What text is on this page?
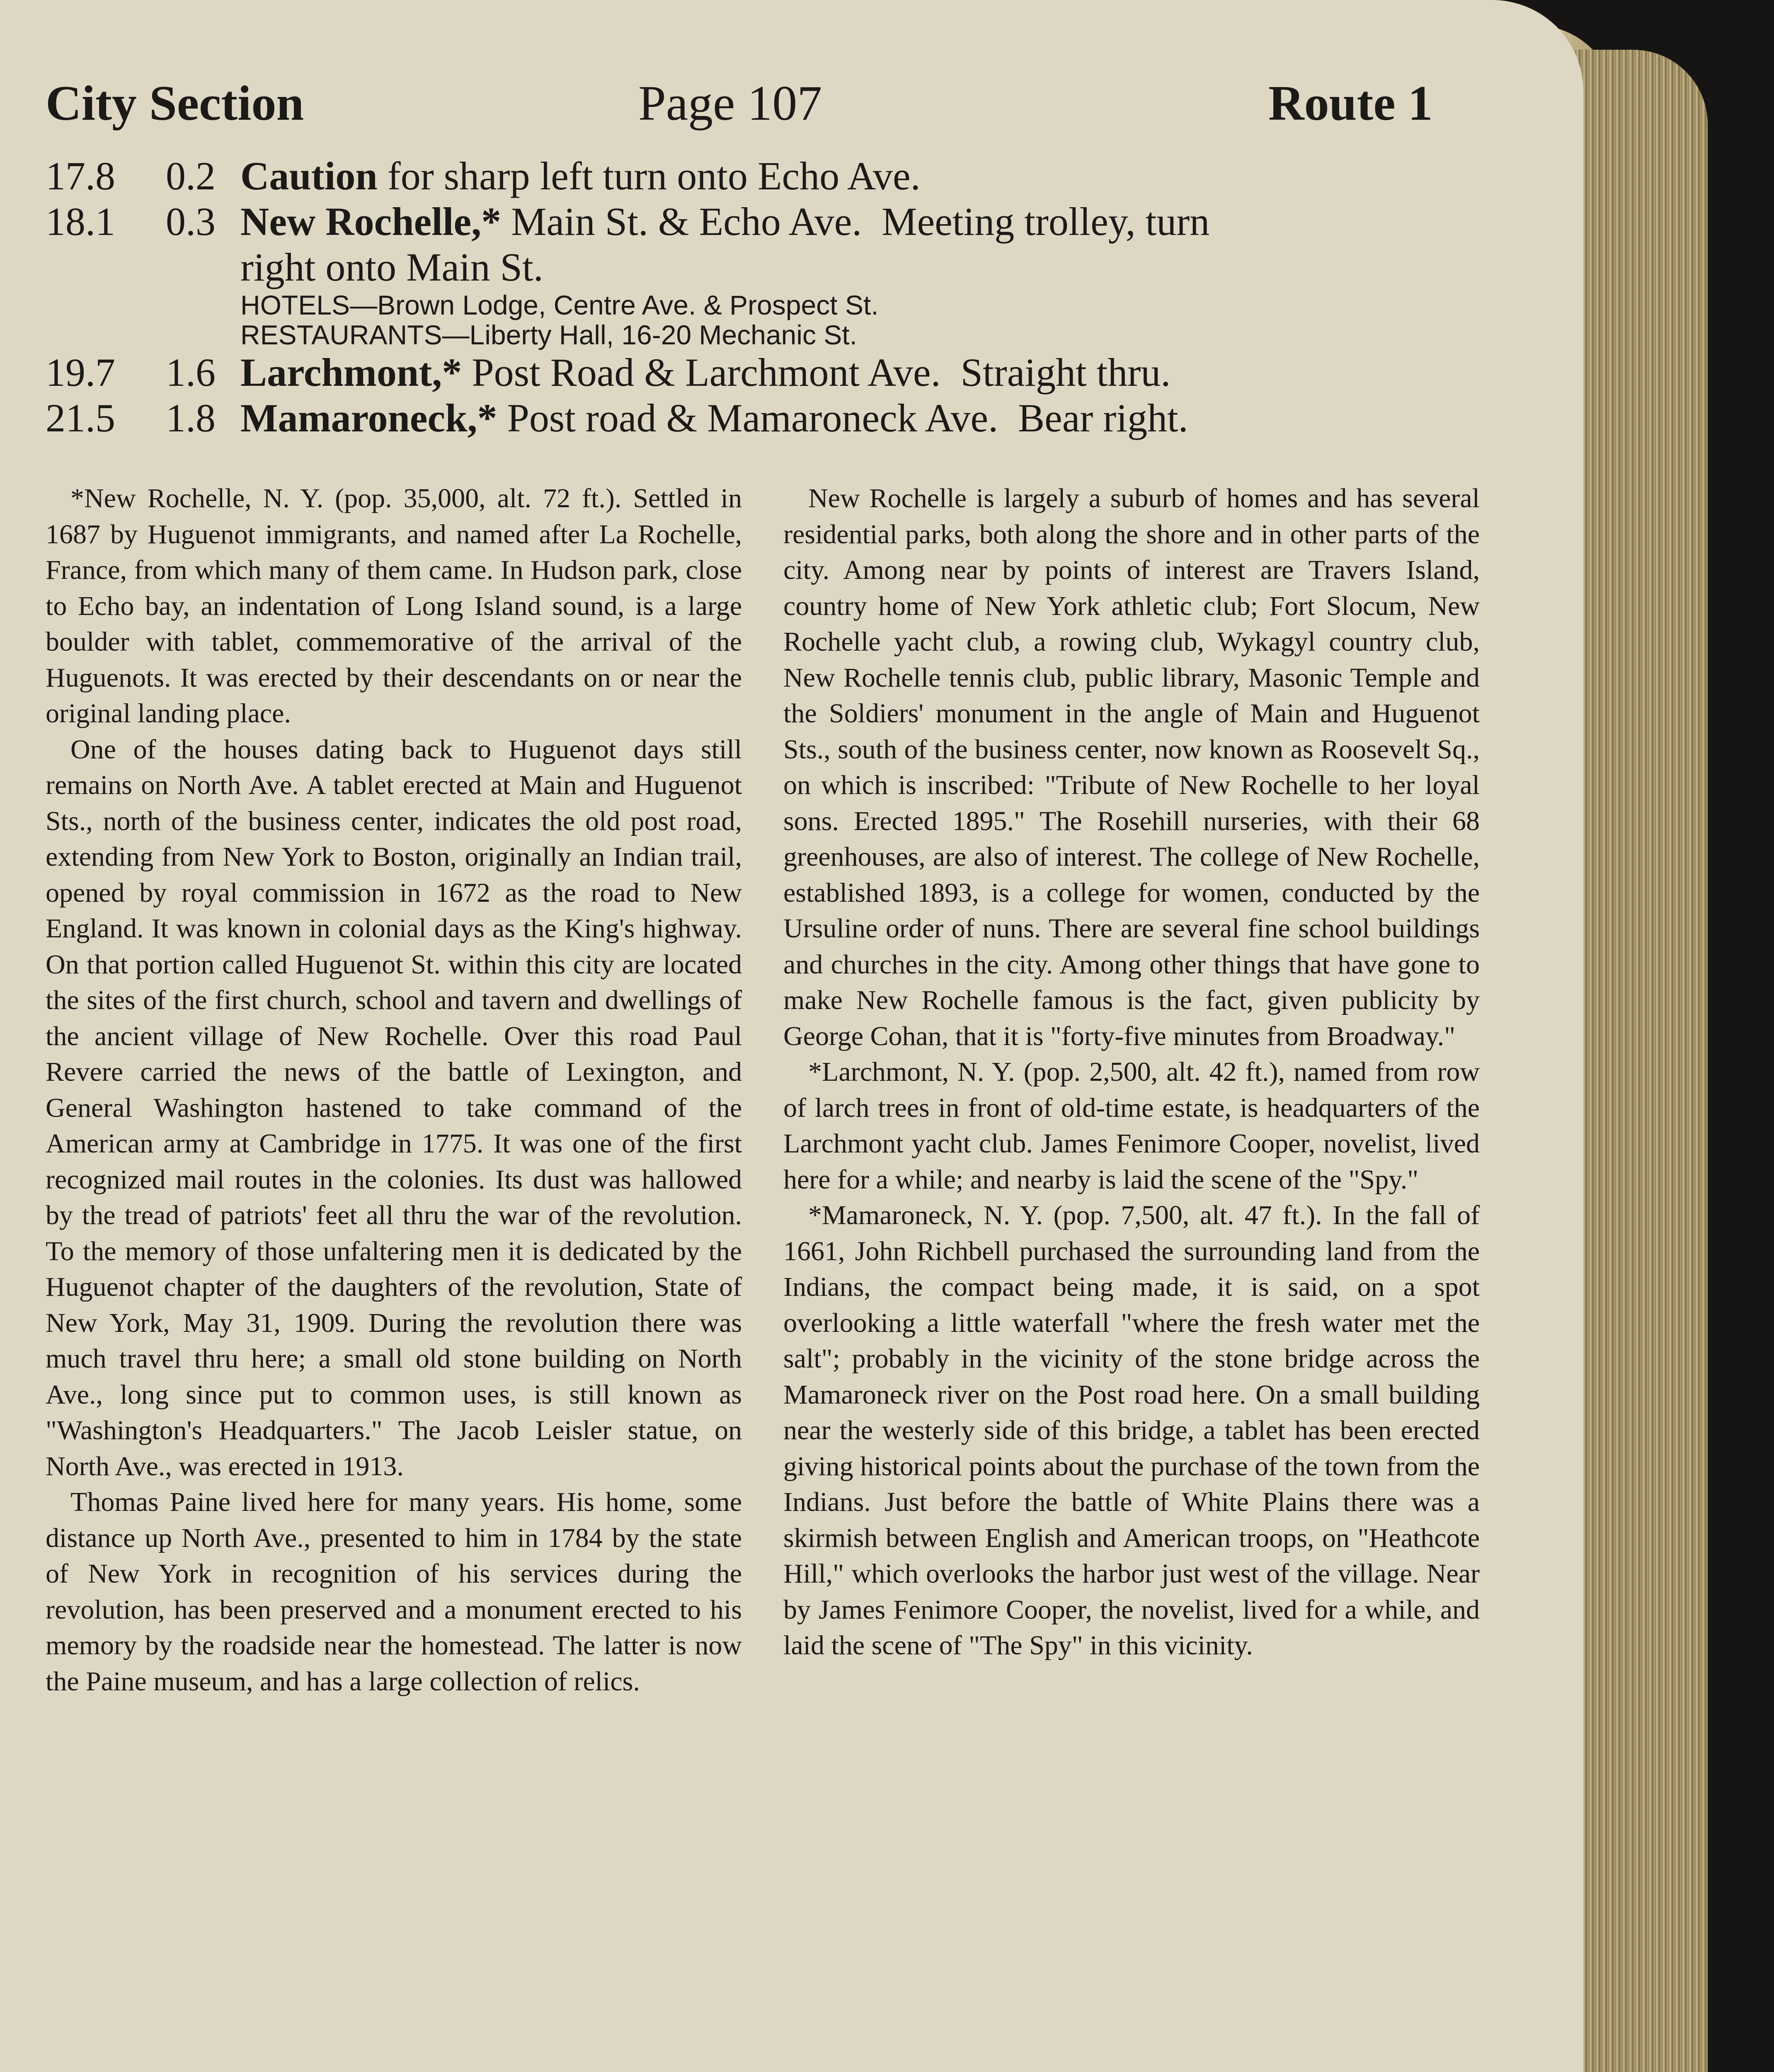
City Section	Page 107	Route 1
17.8 0.2 Caution for sharp left turn onto Echo Ave.
18.1 0.3 New Rochelle,* Main St. & Echo Ave.  Meeting trolley, turn
right onto Main St.
HOTELS—Brown Lodge, Centre Ave. & Prospect St.
RESTAURANTS—Liberty Hall, 16-20 Mechanic St.
19.7 1.6 Larchmont,* Post Road & Larchmont Ave.  Straight thru.
21.5 1.8 Mamaroneck,* Post road & Mamaroneck Ave.  Bear right.

*New Rochelle, N. Y. (pop. 35,000, alt. 72 ft.). Settled in 1687 by Huguenot immigrants, and named after La Rochelle, France, from which many of them came. In Hudson park, close to Echo bay, an indentation of Long Island sound, is a large boulder with tablet, commemorative of the arrival of the Huguenots. It was erected by their descendants on or near the original landing place.

One of the houses dating back to Huguenot days still remains on North Ave. A tablet erected at Main and Huguenot Sts., north of the business center, indicates the old post road, extending from New York to Boston, originally an Indian trail, opened by royal commission in 1672 as the road to New England. It was known in colonial days as the King's highway. On that portion called Huguenot St. within this city are located the sites of the first church, school and tavern and dwellings of the ancient village of New Rochelle. Over this road Paul Revere carried the news of the battle of Lexington, and General Washington hastened to take command of the American army at Cambridge in 1775. It was one of the first recognized mail routes in the colonies. Its dust was hallowed by the tread of patriots' feet all thru the war of the revolution. To the memory of those unfaltering men it is dedicated by the Huguenot chapter of the daughters of the revolution, State of New York, May 31, 1909. During the revolution there was much travel thru here; a small old stone building on North Ave., long since put to common uses, is still known as "Washington's Headquarters." The Jacob Leisler statue, on North Ave., was erected in 1913.

Thomas Paine lived here for many years. His home, some distance up North Ave., presented to him in 1784 by the state of New York in recognition of his services during the revolution, has been preserved and a monument erected to his memory by the roadside near the homestead. The latter is now the Paine museum, and has a large collection of relics.

New Rochelle is largely a suburb of homes and has several residential parks, both along the shore and in other parts of the city. Among near by points of interest are Travers Island, country home of New York athletic club; Fort Slocum, New Rochelle yacht club, a rowing club, Wykagyl country club, New Rochelle tennis club, public library, Masonic Temple and the Soldiers' monument in the angle of Main and Huguenot Sts., south of the business center, now known as Roosevelt Sq., on which is inscribed: "Tribute of New Rochelle to her loyal sons. Erected 1895." The Rosehill nurseries, with their 68 greenhouses, are also of interest. The college of New Rochelle, established 1893, is a college for women, conducted by the Ursuline order of nuns. There are several fine school buildings and churches in the city. Among other things that have gone to make New Rochelle famous is the fact, given publicity by George Cohan, that it is "forty-five minutes from Broadway."

*Larchmont, N. Y. (pop. 2,500, alt. 42 ft.), named from row of larch trees in front of old-time estate, is headquarters of the Larchmont yacht club. James Fenimore Cooper, novelist, lived here for a while; and nearby is laid the scene of the "Spy."

*Mamaroneck, N. Y. (pop. 7,500, alt. 47 ft.). In the fall of 1661, John Richbell purchased the surrounding land from the Indians, the compact being made, it is said, on a spot overlooking a little waterfall "where the fresh water met the salt"; probably in the vicinity of the stone bridge across the Mamaroneck river on the Post road here. On a small building near the westerly side of this bridge, a tablet has been erected giving historical points about the purchase of the town from the Indians. Just before the battle of White Plains there was a skirmish between English and American troops, on "Heathcote Hill," which overlooks the harbor just west of the village. Near by James Fenimore Cooper, the novelist, lived for a while, and laid the scene of "The Spy" in this vicinity.
